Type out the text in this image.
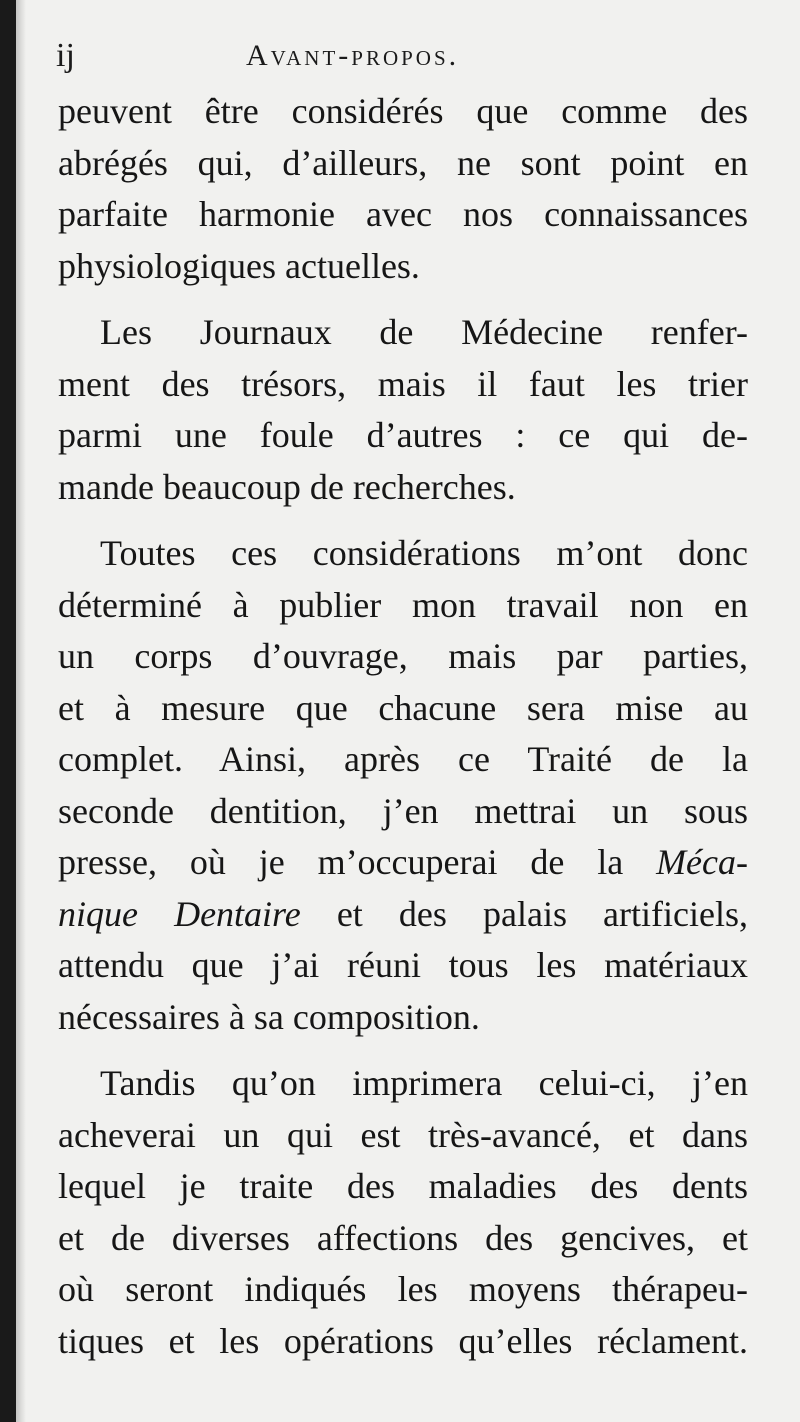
ij	Avant-propos.

peuvent être considérés que comme des
abrégés qui, d’ailleurs, ne sont point en
parfaite harmonie avec nos connaissances
physiologiques actuelles.

Les Journaux de Médecine renfer-
ment des trésors, mais il faut les trier
parmi une foule d’autres : ce qui de-
mande beaucoup de recherches.

Toutes ces considérations m’ont donc
déterminé à publier mon travail non en
un corps d’ouvrage, mais par parties,
et à mesure que chacune sera mise au
complet. Ainsi, après ce Traité de la
seconde dentition, j’en mettrai un sous
presse, où je m’occuperai de la Méca-
nique Dentaire et des palais artificiels,
attendu que j’ai réuni tous les matériaux
nécessaires à sa composition.

Tandis qu’on imprimera celui-ci, j’en
acheverai un qui est très-avancé, et dans
lequel je traite des maladies des dents
et de diverses affections des gencives, et
où seront indiqués les moyens thérapeu-
tiques et les opérations qu’elles réclament.
